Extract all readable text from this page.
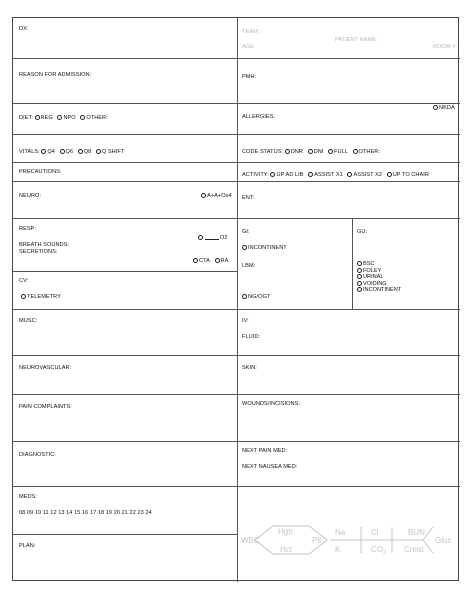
DX:
REASON FOR ADMISSION:
DIET: REG NPO OTHER:
VITALS: Q4 Q6 Q8 Q SHIFT
PRECAUTIONS:
NEURO:	A+A+Ox4
RESP:
O2
BREATH SOUNDS:
SECRETIONS:
CTA RA
CV:
TELEMETRY
MUSC:
NEUROVASCULAR:
PAIN COMPLAINTS:
DIAGNOSTIC:
MEDS:
08 09 10 11 12 13 14 15 16 17 18 19 20 21 22 23 24
PLAN:
TEAM:
PATIENT NAME:
AGE:	ROOM #:
PMH:
NKDA
ALLERGIES:
CODE STATUS: DNR DNI FULL OTHER:
ACTIVITY: UP AD LIB ASSIST X1 ASSIST X2 UP TO CHAIR
ENT:
GI:
INCONTINENT
LBM:
NG/OGT
GU:
BSC
FOLEY
URINAL
VOIDING
INCONTINENT
IV:
FLUID:
SKIN:
WOUNDS/INCISIONS:
NEXT PAIN MED:
NEXT NAUSEA MED:
WBC
Hgb
Hct
Plt
Na
K
Cl
$CO_2$
BUN
Creat
Gluc
